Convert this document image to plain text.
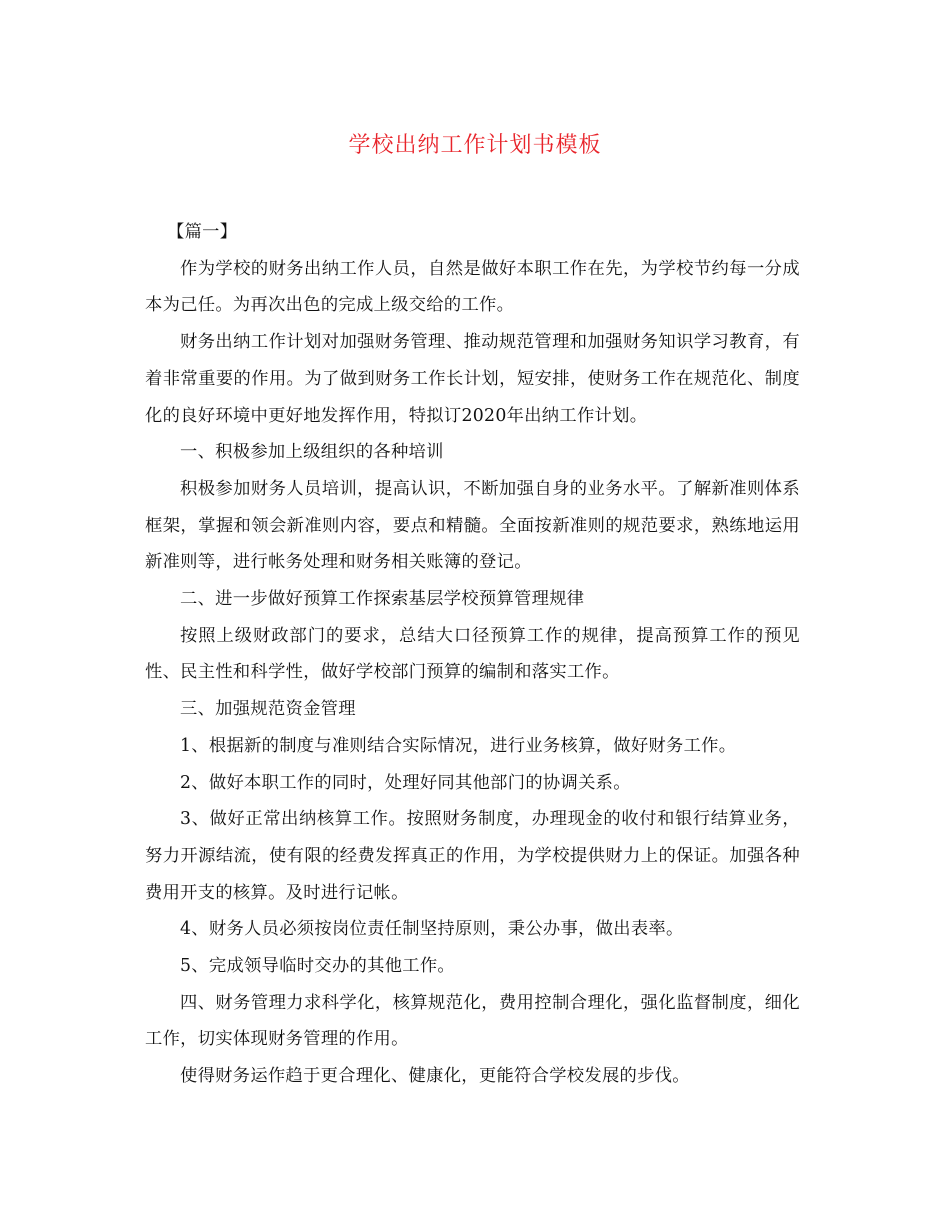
学校出纳工作计划书模板

【篇一】

作为学校的财务出纳工作人员，自然是做好本职工作在先，为学校节约每一分成本为己任。为再次出色的完成上级交给的工作。

财务出纳工作计划对加强财务管理、推动规范管理和加强财务知识学习教育，有着非常重要的作用。为了做到财务工作长计划，短安排，使财务工作在规范化、制度化的良好环境中更好地发挥作用，特拟订2020年出纳工作计划。

一、积极参加上级组织的各种培训

积极参加财务人员培训，提高认识，不断加强自身的业务水平。了解新准则体系框架，掌握和领会新准则内容，要点和精髓。全面按新准则的规范要求，熟练地运用新准则等，进行帐务处理和财务相关账簿的登记。

二、进一步做好预算工作探索基层学校预算管理规律

按照上级财政部门的要求，总结大口径预算工作的规律，提高预算工作的预见性、民主性和科学性，做好学校部门预算的编制和落实工作。

三、加强规范资金管理

1、根据新的制度与准则结合实际情况，进行业务核算，做好财务工作。

2、做好本职工作的同时，处理好同其他部门的协调关系。

3、做好正常出纳核算工作。按照财务制度，办理现金的收付和银行结算业务，努力开源结流，使有限的经费发挥真正的作用，为学校提供财力上的保证。加强各种费用开支的核算。及时进行记帐。

4、财务人员必须按岗位责任制坚持原则，秉公办事，做出表率。

5、完成领导临时交办的其他工作。

四、财务管理力求科学化，核算规范化，费用控制合理化，强化监督制度，细化工作，切实体现财务管理的作用。

使得财务运作趋于更合理化、健康化，更能符合学校发展的步伐。
